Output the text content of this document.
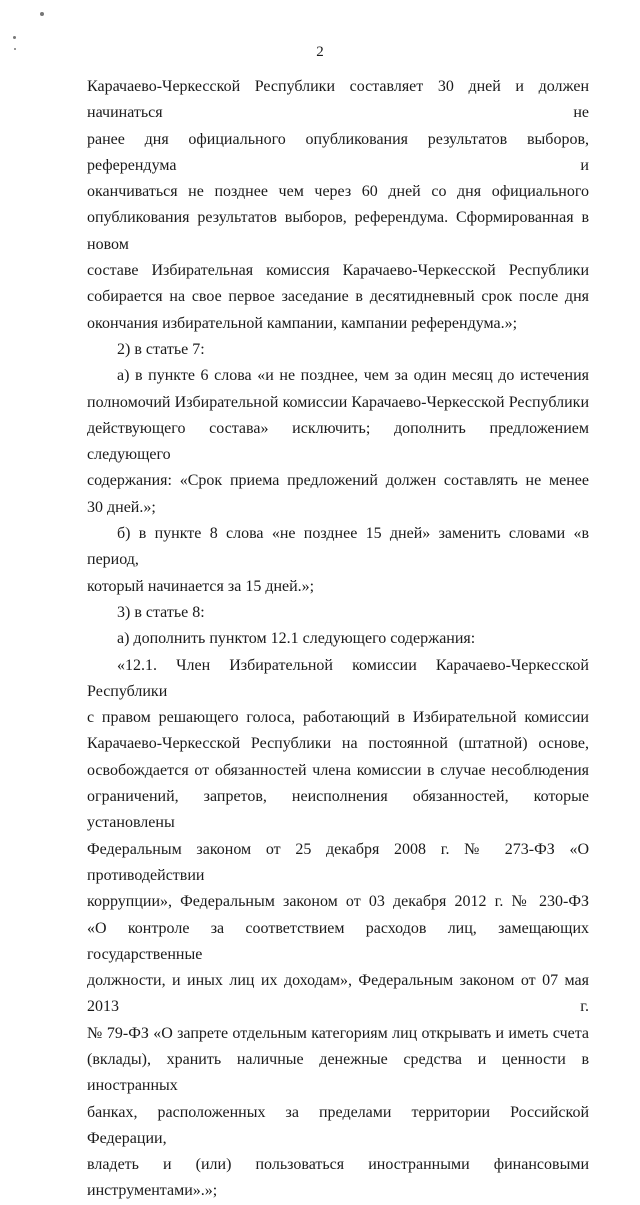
2

Карачаево-Черкесской Республики составляет 30 дней и должен начинаться не

ранее дня официального опубликования результатов выборов, референдума и

оканчиваться не позднее чем через 60 дней со дня официального

опубликования результатов выборов, референдума. Сформированная в новом

составе Избирательная комиссия Карачаево-Черкесской Республики

собирается на свое первое заседание в десятидневный срок после дня

окончания избирательной кампании, кампании референдума.»;

2) в статье 7:

а) в пункте 6 слова «и не позднее, чем за один месяц до истечения

полномочий Избирательной комиссии Карачаево-Черкесской Республики

действующего состава» исключить; дополнить предложением следующего

содержания: «Срок приема предложений должен составлять не менее

30 дней.»;

б) в пункте 8 слова «не позднее 15 дней» заменить словами «в период,

который начинается за 15 дней.»;

3) в статье 8:

а) дополнить пунктом 12.1 следующего содержания:

«12.1. Член Избирательной комиссии Карачаево-Черкесской Республики

с правом решающего голоса, работающий в Избирательной комиссии

Карачаево-Черкесской Республики на постоянной (штатной) основе,

освобождается от обязанностей члена комиссии в случае несоблюдения

ограничений, запретов, неисполнения обязанностей, которые установлены

Федеральным законом от 25 декабря 2008 г. № 273-ФЗ «О противодействии

коррупции», Федеральным законом от 03 декабря 2012 г. № 230-ФЗ

«О контроле за соответствием расходов лиц, замещающих государственные

должности, и иных лиц их доходам», Федеральным законом от 07 мая 2013 г.

№ 79-ФЗ «О запрете отдельным категориям лиц открывать и иметь счета

(вклады), хранить наличные денежные средства и ценности в иностранных

банках, расположенных за пределами территории Российской Федерации,

владеть и (или) пользоваться иностранными финансовыми инструментами».»;
